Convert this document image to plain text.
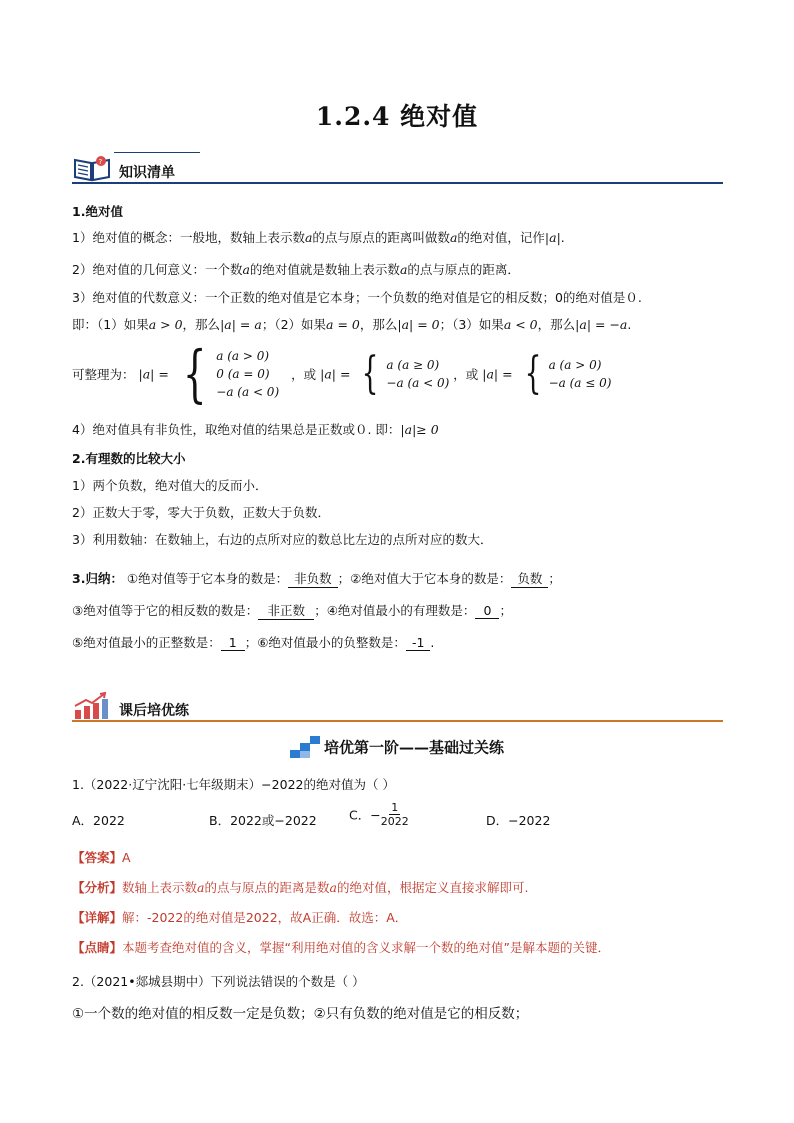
1.2.4 绝对值
?
知识清单
1.绝对值
1）绝对值的概念：一般地，数轴上表示数a的点与原点的距离叫做数a的绝对值，记作|a|.
2）绝对值的几何意义：一个数a的绝对值就是数轴上表示数a的点与原点的距离．
3）绝对值的代数意义：一个正数的绝对值是它本身；一个负数的绝对值是它的相反数；0的绝对值是０.
即：（1）如果a > 0，那么|a| = a；（2）如果a = 0，那么|a| = 0；（3）如果a < 0，那么|a| = −a.
可整理为： |a| = { a (a > 0)
0 (a = 0)
−a (a < 0)
，或 |a| = { a (a ≥ 0)
−a (a < 0)
，或 |a| = { a (a > 0)
−a (a ≤ 0)
4）绝对值具有非负性，取绝对值的结果总是正数或０. 即：|a|≥ 0
2.有理数的比较大小
1）两个负数，绝对值大的反而小．
2）正数大于零，零大于负数，正数大于负数．
3）利用数轴：在数轴上，右边的点所对应的数总比左边的点所对应的数大．
3.归纳： ①绝对值等于它本身的数是： 非负数 ；②绝对值大于它本身的数是： 负数 ；
③绝对值等于它的相反数的数是： 非正数 ；④绝对值最小的有理数是： 0 ；
⑤绝对值最小的正整数是： 1 ；⑥绝对值最小的负整数是： -1 .
课后培优练
培优第一阶——基础过关练
1.（2022·辽宁沈阳·七年级期末）−2022的绝对值为（ ）
A．2022	B．2022或−2022	C．− $\frac{1}{2022}$	D．−2022
【答案】A
【分析】数轴上表示数a的点与原点的距离是数a的绝对值，根据定义直接求解即可.
【详解】解：-2022的绝对值是2022，故A正确．故选：A．
【点睛】本题考查绝对值的含义，掌握“利用绝对值的含义求解一个数的绝对值”是解本题的关键．
2.（2021•郯城县期中）下列说法错误的个数是（ ）
①一个数的绝对值的相反数一定是负数；②只有负数的绝对值是它的相反数；
